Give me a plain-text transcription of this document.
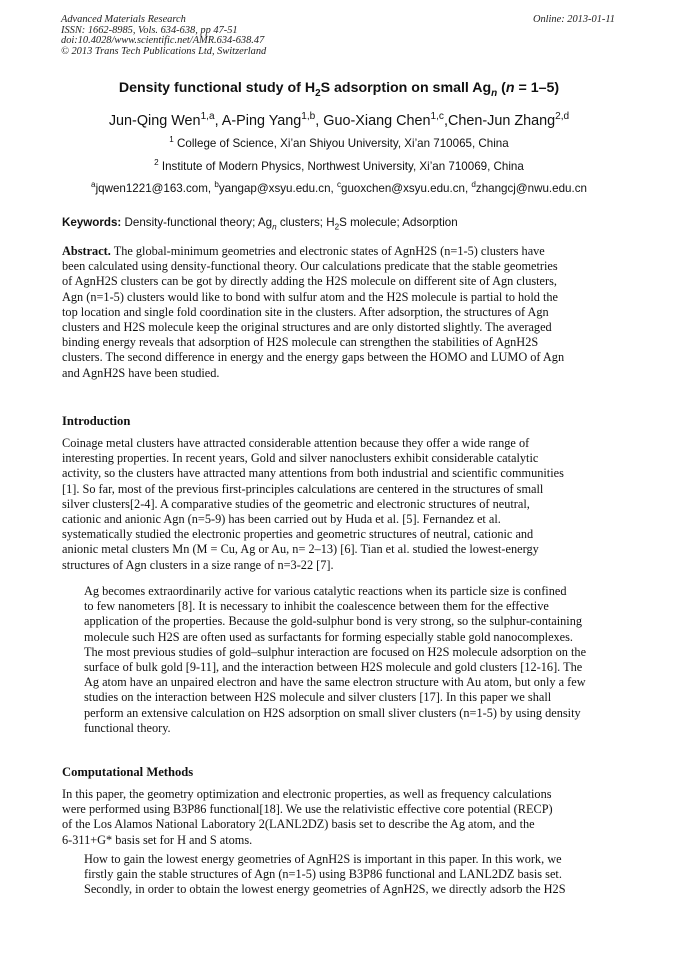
Advanced Materials Research
ISSN: 1662-8985, Vols. 634-638, pp 47-51
doi:10.4028/www.scientific.net/AMR.634-638.47
© 2013 Trans Tech Publications Ltd, Switzerland
Online: 2013-01-11
Density functional study of $H_2S$ adsorption on small $Ag_n$ (n = 1–5)
Jun-Qing Wen$^{1,a}$, A-Ping Yang$^{1,b}$, Guo-Xiang Chen$^{1,c}$,Chen-Jun Zhang$^{2,d}$
$^1$ College of Science, Xi’an Shiyou University, Xi’an 710065, China
$^2$ Institute of Modern Physics, Northwest University, Xi’an 710069, China
$^a$jqwen1221@163.com, $^b$yangap@xsyu.edu.cn, $^c$guoxchen@xsyu.edu.cn, $^d$zhangcj@nwu.edu.cn
Keywords: Density-functional theory; $Ag_n$ clusters; $H_2S$ molecule; Adsorption
Abstract. The global-minimum geometries and electronic states of AgnH2S (n=1-5) clusters have
been calculated using density-functional theory. Our calculations predicate that the stable geometries
of AgnH2S clusters can be got by directly adding the H2S molecule on different site of Agn clusters,
Agn (n=1-5) clusters would like to bond with sulfur atom and the H2S molecule is partial to hold the
top location and single fold coordination site in the clusters. After adsorption, the structures of Agn
clusters and H2S molecule keep the original structures and are only distorted slightly. The averaged
binding energy reveals that adsorption of H2S molecule can strengthen the stabilities of AgnH2S
clusters. The second difference in energy and the energy gaps between the HOMO and LUMO of Agn
and AgnH2S have been studied.
Introduction
Coinage metal clusters have attracted considerable attention because they offer a wide range of
interesting properties. In recent years, Gold and silver nanoclusters exhibit considerable catalytic
activity, so the clusters have attracted many attentions from both industrial and scientific communities
[1]. So far, most of the previous first-principles calculations are centered in the structures of small
silver clusters[2-4]. A comparative studies of the geometric and electronic structures of neutral,
cationic and anionic Agn (n=5-9) has been carried out by Huda et al. [5]. Fernandez et al.
systematically studied the electronic properties and geometric structures of neutral, cationic and
anionic metal clusters Mn (M = Cu, Ag or Au, n= 2–13) [6]. Tian et al. studied the lowest-energy
structures of Agn clusters in a size range of n=3-22 [7].
Ag becomes extraordinarily active for various catalytic reactions when its particle size is confined
to few nanometers [8]. It is necessary to inhibit the coalescence between them for the effective
application of the properties. Because the gold-sulphur bond is very strong, so the sulphur-containing
molecule such H2S are often used as surfactants for forming especially stable gold nanocomplexes.
The most previous studies of gold–sulphur interaction are focused on H2S molecule adsorption on the
surface of bulk gold [9-11], and the interaction between H2S molecule and gold clusters [12-16]. The
Ag atom have an unpaired electron and have the same electron structure with Au atom, but only a few
studies on the interaction between H2S molecule and silver clusters [17]. In this paper we shall
perform an extensive calculation on H2S adsorption on small sliver clusters (n=1-5) by using density
functional theory.
Computational Methods
In this paper, the geometry optimization and electronic properties, as well as frequency calculations
were performed using B3P86 functional[18]. We use the relativistic effective core potential (RECP)
of the Los Alamos National Laboratory 2(LANL2DZ) basis set to describe the Ag atom, and the
6-311+G* basis set for H and S atoms.
How to gain the lowest energy geometries of AgnH2S is important in this paper. In this work, we
firstly gain the stable structures of Agn (n=1-5) using B3P86 functional and LANL2DZ basis set.
Secondly, in order to obtain the lowest energy geometries of AgnH2S, we directly adsorb the H2S
